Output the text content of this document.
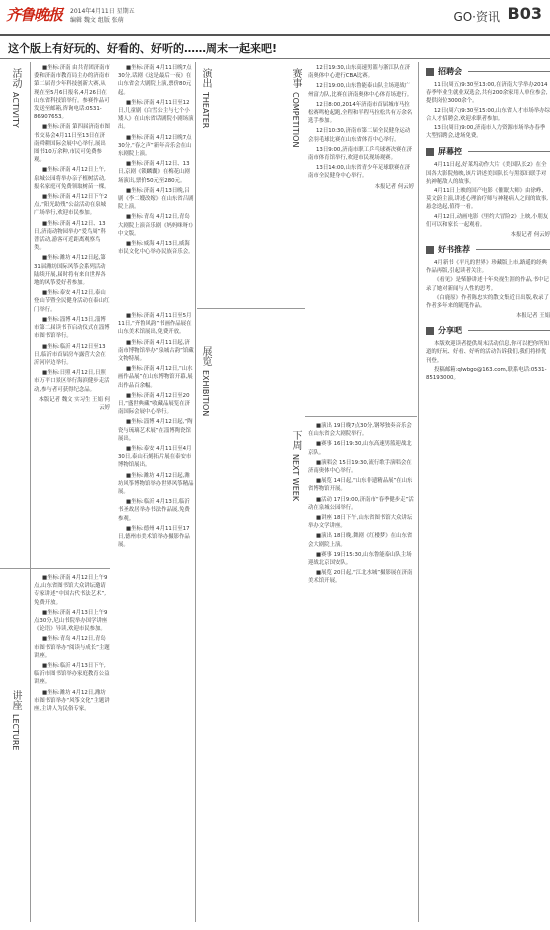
齐鲁晚报 2014年4月11日 星期五
编辑 魏文 组版 张萌	GO·资讯 B03
这个版上有好玩的、好看的、好听的……周末一起来吧!
活动
ACTIVITY

■坐标:济南 由共青团济南市委和济南市教育局主办的济南市第二届青少年科技创新大赛,从现在至5月6日报名,4月26日在山东省科技馆举行。参赛作品可发送至邮箱,咨询电话:0531-86907653。

■坐标:济南 第四届济南市图书交易会4月11日至13日在济南舜耕国际会展中心举行,展出图书10万余种,市民可免费参观。

■坐标:济南 4月12日上午,泉城公园将举办亲子植树活动,报名家庭可免费领取树苗一棵。

■坐标:济南 4月12日下午2点,“阳光助残”公益活动在泉城广场举行,欢迎市民参加。

■坐标:济南 4月12日、13日,济南动物园举办“爱鸟周”科普活动,游客可近距离观察鸟类。

■坐标:潍坊 4月12日起,第31届潍坊国际风筝会系列活动陆续开展,届时将有来自世界各地的风筝爱好者参加。

■坐标:泰安 4月12日,泰山登山节暨全民健身活动在泰山红门举行。

■坐标:淄博 4月13日,淄博市第二届读书节启动仪式在淄博市图书馆举行。

■坐标:临沂 4月12日至13日,临沂市首届房车露营大会在沂河岸边举行。

■坐标:日照 4月12日,日照市万平口景区举行海滨健步走活动,参与者可获得纪念品。

本版记者 魏文 实习生 王娟 何云婷
讲座
LECTURE

■坐标:济南 4月12日上午9点,山东省图书馆大众讲坛邀请专家讲述“中国古代书法艺术”,免费开放。

■坐标:济南 4月13日上午9点30分,尼山书院举办国学讲座《论语》导读,欢迎市民参加。

■坐标:青岛 4月12日,青岛市图书馆举办“阅读与成长”主题讲座。

■坐标:临沂 4月13日下午,临沂市图书馆举办家庭教育公益讲座。

■坐标:潍坊 4月12日,潍坊市图书馆举办“风筝文化”主题讲座,主讲人为民俗专家。

演出
THEATER

■坐标:济南 4月11日晚7点30分,话剧《这是最后一夜》在山东省会大剧院上演,票价80元起。

■坐标:济南 4月11日至12日,儿童剧《白雪公主与七个小矮人》在山东省话剧院小剧场演出。

■坐标:济南 4月12日晚7点30分,“春之声”新年音乐会在山东剧院上演。

■坐标:济南 4月12日、13日,京剧《锁麟囊》在梅花山剧场演出,票价50元至280元。

■坐标:济南 4月13日晚,吕剧《李二嫂改嫁》在山东省吕剧院上演。

■坐标:青岛 4月12日,青岛大剧院上演音乐剧《妈妈咪呀!》中文版。

■坐标:威海 4月13日,威海市民文化中心举办民族音乐会。

展览
EXHIBITION

■坐标:济南 4月11日至5月11日,“齐鲁风韵”书画作品展在山东美术馆展出,免费开放。

■坐标:济南 4月11日起,济南市博物馆举办“泉城古韵”馆藏文物特展。

■坐标:济南 4月12日,“山水画作品展”在山东博物馆开幕,展出作品百余幅。

■坐标:济南 4月12日至20日,“盛世典藏”收藏品展览在济南国际会展中心举行。

■坐标:淄博 4月12日起,“陶瓷与琉璃艺术展”在淄博陶瓷馆展出。

■坐标:泰安 4月11日至4月30日,泰山石刻拓片展在泰安市博物馆展出。

■坐标:潍坊 4月12日起,潍坊风筝博物馆举办世界风筝精品展。

■坐标:临沂 4月13日,临沂书圣故居举办书法作品展,免费参观。

■坐标:德州 4月11日至17日,德州市美术馆举办摄影作品展。

赛事
COMPETITION

12日19:30,山东高速男篮与浙江队在济南奥体中心进行CBA比赛。

12日19:00,山东鲁能泰山队主场迎战广州富力队,比赛在济南奥体中心体育场进行。

12日8:00,2014年济南市首届城市马拉松赛鸣枪起跑,全程和半程马拉松共有万余名选手参加。

12日10:30,济南市第二届全民健身运动会羽毛球比赛在山东省体育中心举行。

13日9:00,济南市职工乒乓球赛决赛在济南市体育馆举行,欢迎市民现场观赛。

13日14:00,山东省青少年足球联赛在济南市全民健身中心举行。

本报记者 何云婷
下周
NEXT WEEK

■演出 19日晚7点30分,钢琴独奏音乐会在山东省会大剧院举行。

■赛事 16日19:30,山东高速男篮迎战北京队。

■演唱会 15日19:30,流行歌手演唱会在济南奥体中心举行。

■展览 14日起,“山东非遗精品展”在山东省博物馆开展。

■活动 17日9:00,济南市“春季健步走”活动在泉城公园举行。

■讲座 18日下午,山东省图书馆大众讲坛举办文学讲座。

■演出 18日晚,舞剧《红楼梦》在山东省会大剧院上演。

■赛事 19日15:30,山东鲁能泰山队主场迎战北京国安队。

■展览 20日起,“江北水城”摄影展在济南美术馆开展。

招聘会

11日(周五)9:30至13:00,在济南大学举办2014春季毕业生就业双选会,共有200余家用人单位参会,提供岗位3000余个。

12日(周六)9:30至15:00,山东省人才市场举办综合人才招聘会,欢迎求职者参加。

13日(周日)9:00,济南市人力资源市场举办春季大型招聘会,进场免费。

屏幕控

4月11日起,好莱坞动作大片《美国队长2》在全国各大影院热映,该片讲述美国队长与黑寡妇联手对抗神秘敌人的故事。

4月11日上映的国产电影《催眠大师》由徐峥、莫文蔚主演,讲述心理治疗师与神秘病人之间的故事,悬念迭起,值得一看。

4月12日,动画电影《里约大冒险2》上映,小朋友们可以和家长一起观看。

本报记者 何云婷
好书推荐

4月新书《平凡的世界》珍藏版上市,路遥的经典作品再版,引起读者关注。

《看见》是柴静讲述十年央视生涯的作品,书中记录了她对新闻与人性的思考。

《白鹿原》作者陈忠实的散文集近日出版,收录了作者多年来的随笔作品。

本报记者 王娟
分享吧

本版欢迎读者提供周末活动信息,你可以把你所知道的好玩、好看、好听的活动告诉我们,我们将择优刊登。

投稿邮箱:qlwbgo@163.com,联系电话:0531-85193000。
